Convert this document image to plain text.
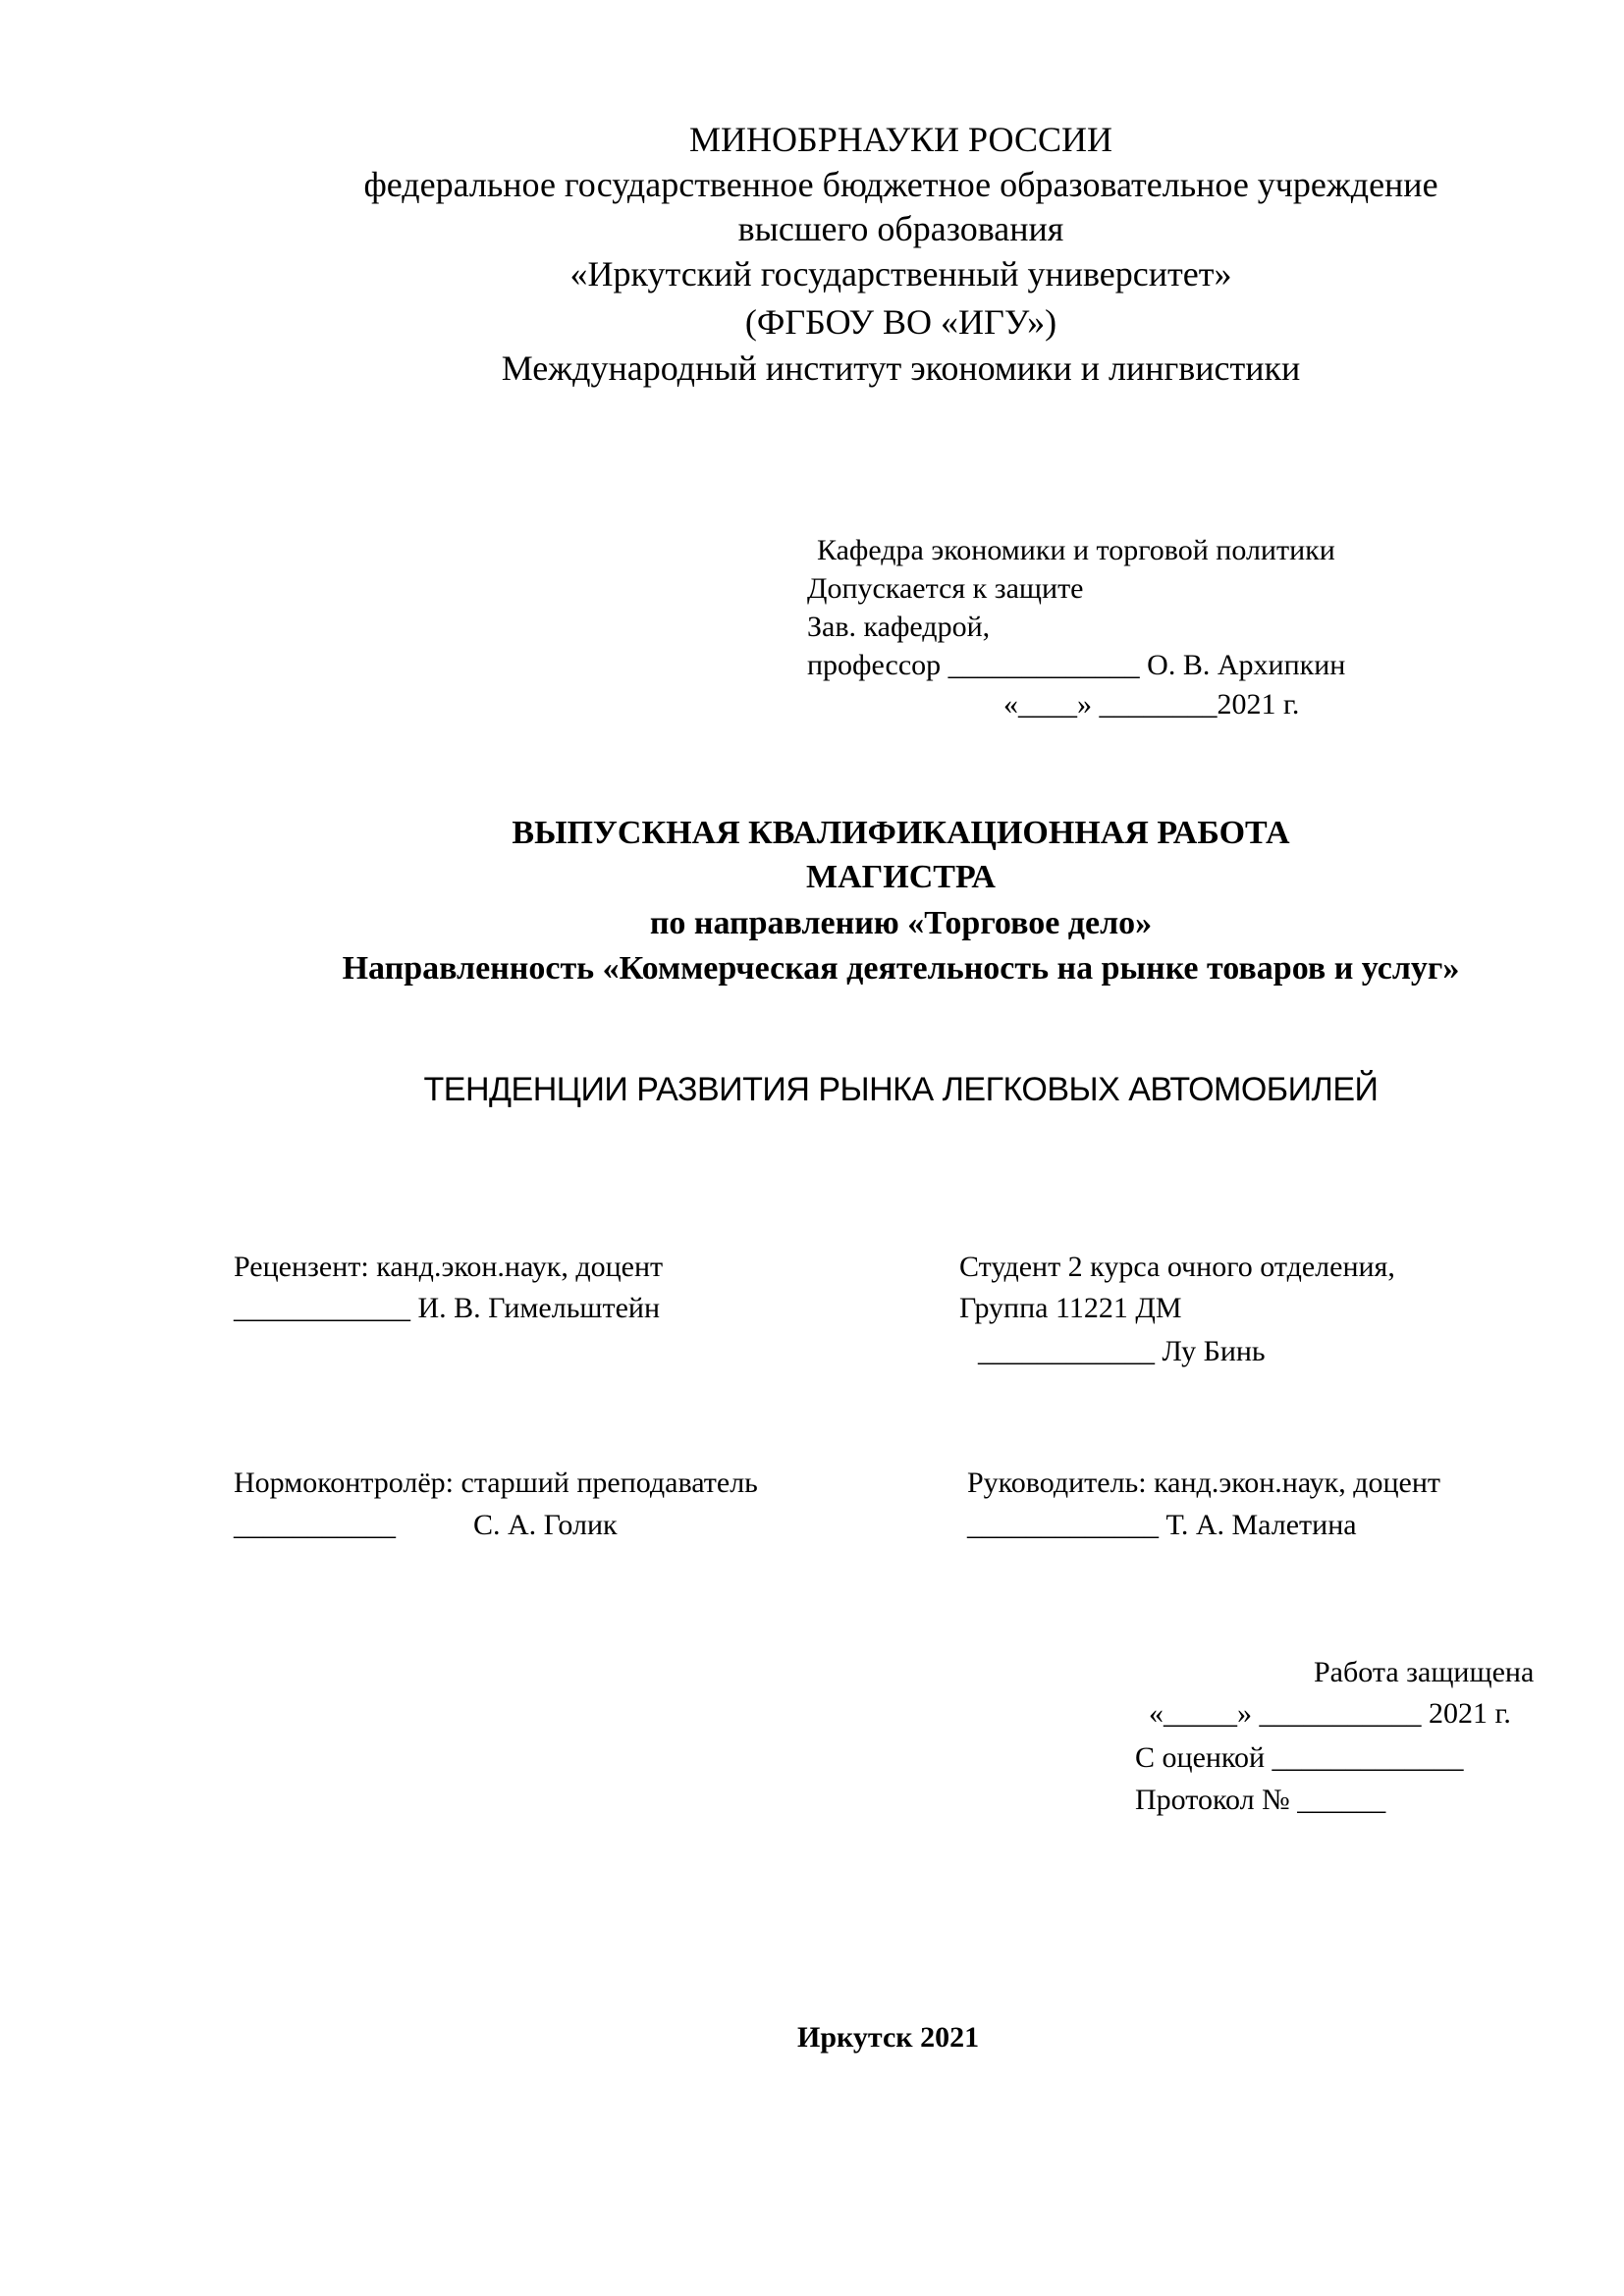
МИНОБРНАУКИ РОССИИ
федеральное государственное бюджетное образовательное учреждение
высшего образования
«Иркутский государственный университет»
(ФГБОУ ВО «ИГУ»)
Международный институт экономики и лингвистики
Кафедра экономики и торговой политики
Допускается к защите
Зав. кафедрой,
профессор _____________ О. В. Архипкин
«____» ________2021 г.
ВЫПУСКНАЯ КВАЛИФИКАЦИОННАЯ РАБОТА
МАГИСТРА
по направлению «Торговое дело»
Направленность «Коммерческая деятельность на рынке товаров и услуг»
ТЕНДЕНЦИИ РАЗВИТИЯ РЫНКА ЛЕГКОВЫХ АВТОМОБИЛЕЙ
Рецензент: канд.экон.наук, доцент
____________ И. В. Гимельштейн
Студент 2 курса очного отделения,
Группа 11221 ДМ
____________ Лу Бинь
Нормоконтролёр: старший преподаватель
___________	С. А. Голик
Руководитель: канд.экон.наук, доцент
_____________ Т. А. Малетина
Работа защищена
«_____» ___________ 2021 г.
С оценкой _____________
Протокол № ______
Иркутск 2021
